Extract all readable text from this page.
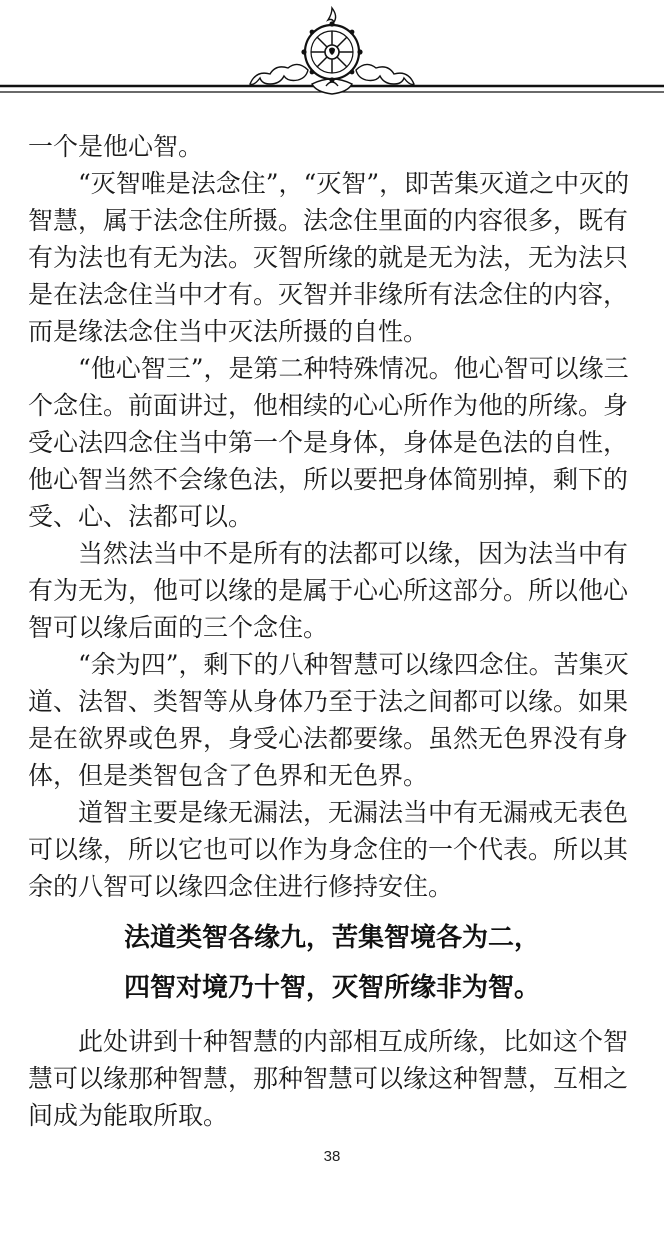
一个是他心智。

“灭智唯是法念住”，“灭智”，即苦集灭道之中灭的智慧，属于法念住所摄。法念住里面的内容很多，既有有为法也有无为法。灭智所缘的就是无为法，无为法只是在法念住当中才有。灭智并非缘所有法念住的内容，而是缘法念住当中灭法所摄的自性。

“他心智三”，是第二种特殊情况。他心智可以缘三个念住。前面讲过，他相续的心心所作为他的所缘。身受心法四念住当中第一个是身体，身体是色法的自性，他心智当然不会缘色法，所以要把身体简别掉，剩下的受、心、法都可以。

当然法当中不是所有的法都可以缘，因为法当中有有为无为，他可以缘的是属于心心所这部分。所以他心智可以缘后面的三个念住。

“余为四”，剩下的八种智慧可以缘四念住。苦集灭道、法智、类智等从身体乃至于法之间都可以缘。如果是在欲界或色界，身受心法都要缘。虽然无色界没有身体，但是类智包含了色界和无色界。

道智主要是缘无漏法，无漏法当中有无漏戒无表色可以缘，所以它也可以作为身念住的一个代表。所以其余的八智可以缘四念住进行修持安住。

法道类智各缘九，苦集智境各为二，
四智对境乃十智，灭智所缘非为智。

此处讲到十种智慧的内部相互成所缘，比如这个智慧可以缘那种智慧，那种智慧可以缘这种智慧，互相之间成为能取所取。

38
